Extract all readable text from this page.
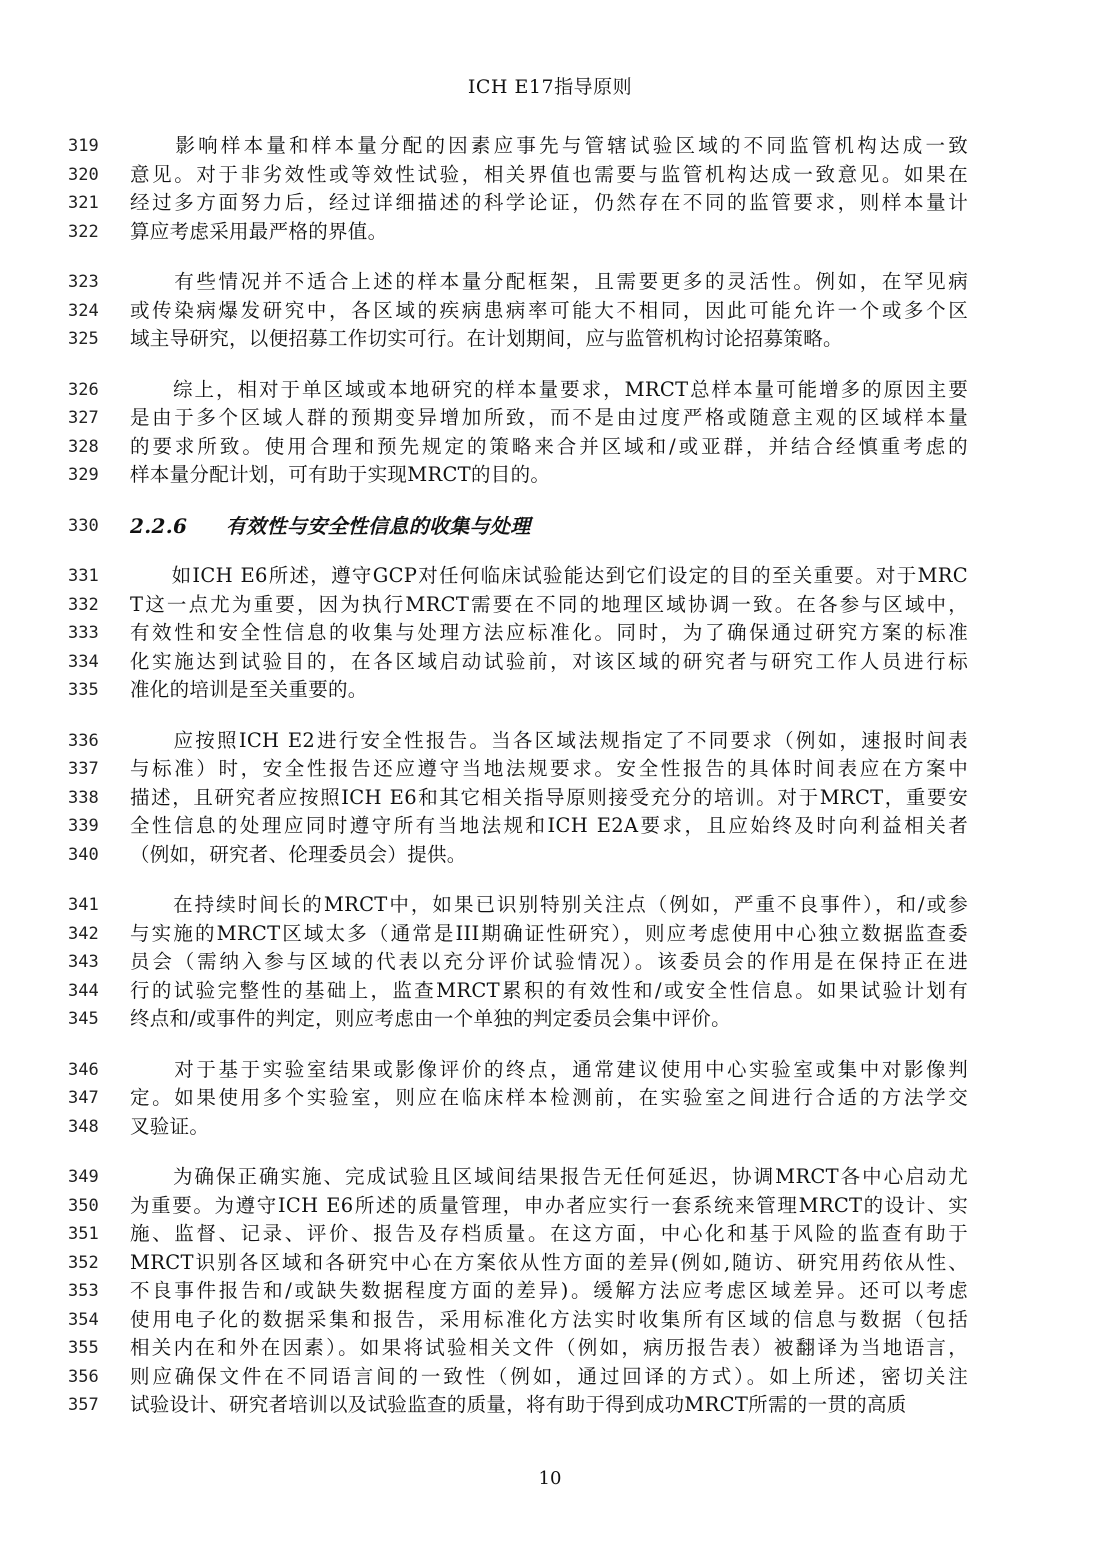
ICH E17指导原则
319	　　影响样本量和样本量分配的因素应事先与管辖试验区域的不同监管机构达成一致
320	意见。对于非劣效性或等效性试验，相关界值也需要与监管机构达成一致意见。如果在
321	经过多方面努力后，经过详细描述的科学论证，仍然存在不同的监管要求，则样本量计
322	算应考虑采用最严格的界值。
323	　　有些情况并不适合上述的样本量分配框架，且需要更多的灵活性。例如，在罕见病
324	或传染病爆发研究中，各区域的疾病患病率可能大不相同，因此可能允许一个或多个区
325	域主导研究，以便招募工作切实可行。在计划期间，应与监管机构讨论招募策略。
326	　　综上，相对于单区域或本地研究的样本量要求，MRCT总样本量可能增多的原因主要
327	是由于多个区域人群的预期变异增加所致，而不是由过度严格或随意主观的区域样本量
328	的要求所致。使用合理和预先规定的策略来合并区域和/或亚群，并结合经慎重考虑的
329	样本量分配计划，可有助于实现MRCT的目的。
330	2.2.6 有效性与安全性信息的收集与处理
331	　　如ICH E6所述，遵守GCP对任何临床试验能达到它们设定的目的至关重要。对于MRC
332	T这一点尤为重要，因为执行MRCT需要在不同的地理区域协调一致。在各参与区域中，
333	有效性和安全性信息的收集与处理方法应标准化。同时，为了确保通过研究方案的标准
334	化实施达到试验目的，在各区域启动试验前，对该区域的研究者与研究工作人员进行标
335	准化的培训是至关重要的。
336	　　应按照ICH E2进行安全性报告。当各区域法规指定了不同要求（例如，速报时间表
337	与标准）时，安全性报告还应遵守当地法规要求。安全性报告的具体时间表应在方案中
338	描述，且研究者应按照ICH E6和其它相关指导原则接受充分的培训。对于MRCT，重要安
339	全性信息的处理应同时遵守所有当地法规和ICH E2A要求，且应始终及时向利益相关者
340	（例如，研究者、伦理委员会）提供。
341	　　在持续时间长的MRCT中，如果已识别特别关注点（例如，严重不良事件），和/或参
342	与实施的MRCT区域太多（通常是III期确证性研究），则应考虑使用中心独立数据监查委
343	员会（需纳入参与区域的代表以充分评价试验情况）。该委员会的作用是在保持正在进
344	行的试验完整性的基础上，监查MRCT累积的有效性和/或安全性信息。如果试验计划有
345	终点和/或事件的判定，则应考虑由一个单独的判定委员会集中评价。
346	　　对于基于实验室结果或影像评价的终点，通常建议使用中心实验室或集中对影像判
347	定。如果使用多个实验室，则应在临床样本检测前，在实验室之间进行合适的方法学交
348	叉验证。
349	　　为确保正确实施、完成试验且区域间结果报告无任何延迟，协调MRCT各中心启动尤
350	为重要。为遵守ICH E6所述的质量管理，申办者应实行一套系统来管理MRCT的设计、实
351	施、监督、记录、评价、报告及存档质量。在这方面，中心化和基于风险的监查有助于
352	MRCT识别各区域和各研究中心在方案依从性方面的差异(例如,随访、研究用药依从性、
353	不良事件报告和/或缺失数据程度方面的差异)。缓解方法应考虑区域差异。还可以考虑
354	使用电子化的数据采集和报告，采用标准化方法实时收集所有区域的信息与数据（包括
355	相关内在和外在因素）。如果将试验相关文件（例如，病历报告表）被翻译为当地语言，
356	则应确保文件在不同语言间的一致性（例如，通过回译的方式）。如上所述，密切关注
357	试验设计、研究者培训以及试验监查的质量，将有助于得到成功MRCT所需的一贯的高质
10
